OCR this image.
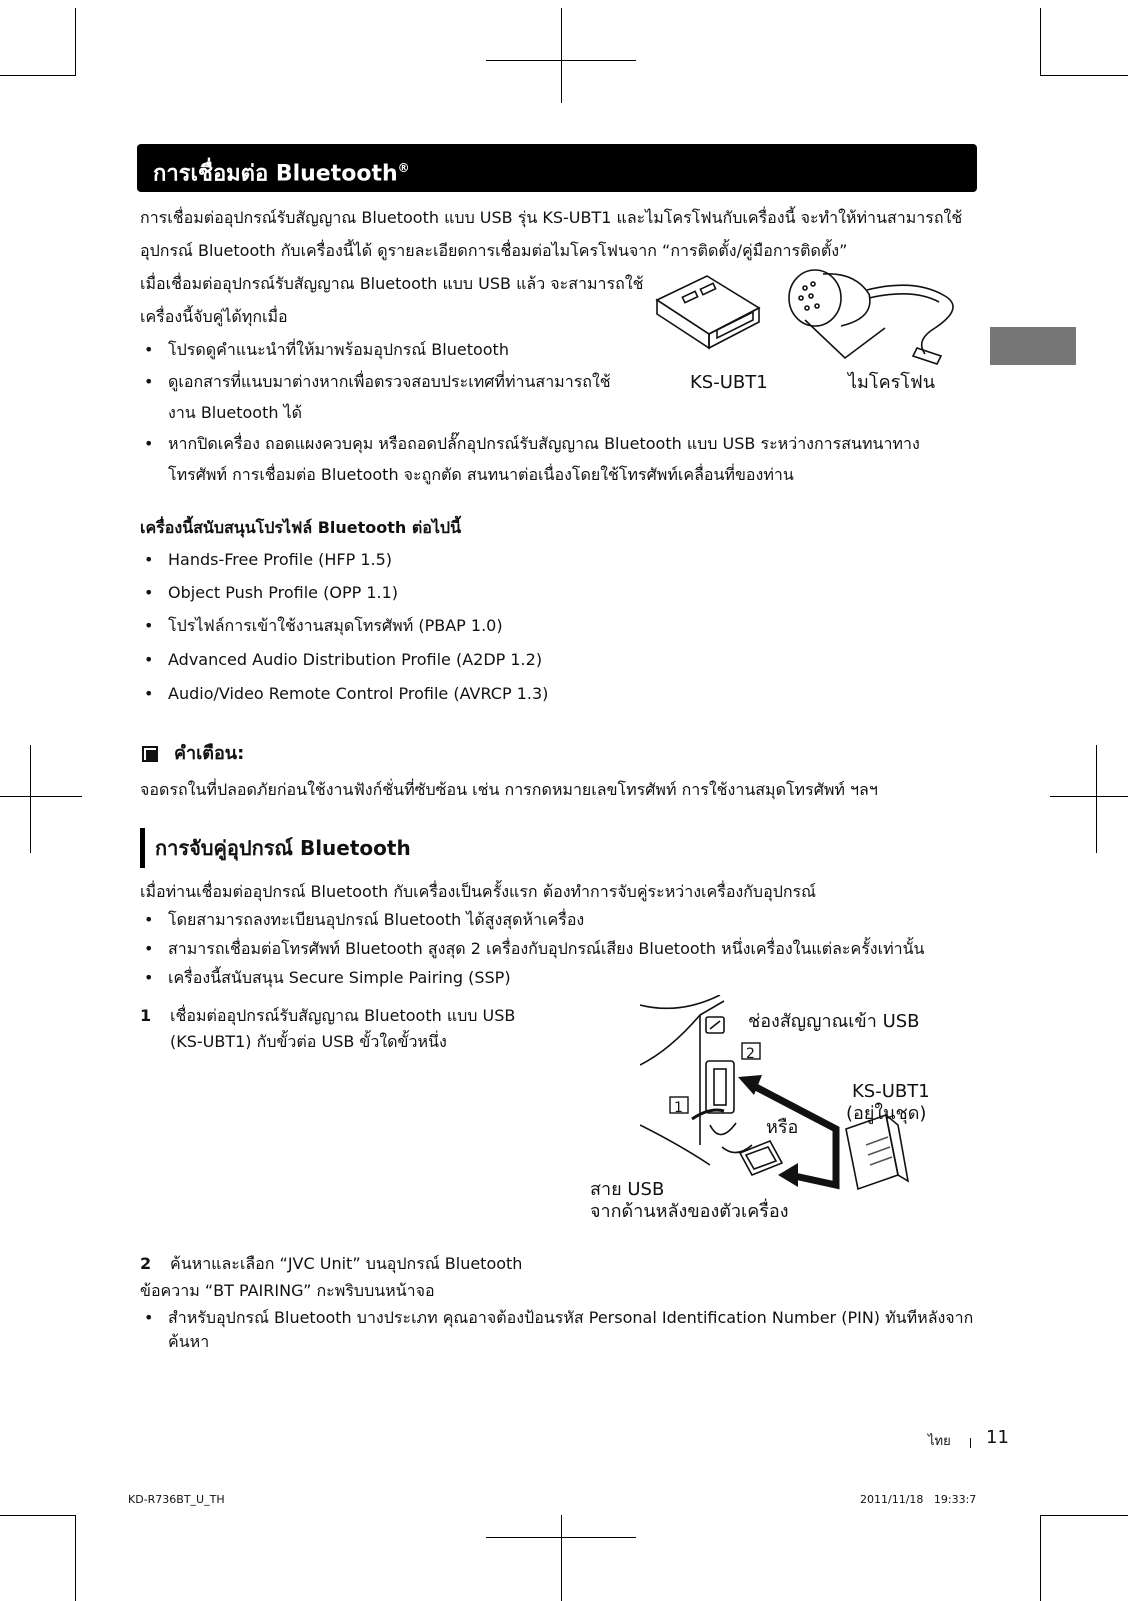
การเชื่อมต่อ Bluetooth®
การเชื่อมต่ออุปกรณ์รับสัญญาณ Bluetooth แบบ USB รุ่น KS-UBT1 และไมโครโฟนกับเครื่องนี้ จะทำให้ท่านสามารถใช้
อุปกรณ์ Bluetooth กับเครื่องนี้ได้ ดูรายละเอียดการเชื่อมต่อไมโครโฟนจาก “การติดตั้ง/คู่มือการติดตั้ง”
เมื่อเชื่อมต่ออุปกรณ์รับสัญญาณ Bluetooth แบบ USB แล้ว จะสามารถใช้
เครื่องนี้จับคู่ได้ทุกเมื่อ
• โปรดดูคำแนะนำที่ให้มาพร้อมอุปกรณ์ Bluetooth
• ดูเอกสารที่แนบมาต่างหากเพื่อตรวจสอบประเทศที่ท่านสามารถใช้
งาน Bluetooth ได้
• หากปิดเครื่อง ถอดแผงควบคุม หรือถอดปลั๊กอุปกรณ์รับสัญญาณ Bluetooth แบบ USB ระหว่างการสนทนาทาง
โทรศัพท์ การเชื่อมต่อ Bluetooth จะถูกตัด สนทนาต่อเนื่องโดยใช้โทรศัพท์เคลื่อนที่ของท่าน
KS-UBT1	ไมโครโฟน
เครื่องนี้สนับสนุนโปรไฟล์ Bluetooth ต่อไปนี้
• Hands-Free Profile (HFP 1.5)
• Object Push Profile (OPP 1.1)
• โปรไฟล์การเข้าใช้งานสมุดโทรศัพท์ (PBAP 1.0)
• Advanced Audio Distribution Profile (A2DP 1.2)
• Audio/Video Remote Control Profile (AVRCP 1.3)
คำเตือน:
จอดรถในที่ปลอดภัยก่อนใช้งานฟังก์ชั่นที่ซับซ้อน เช่น การกดหมายเลขโทรศัพท์ การใช้งานสมุดโทรศัพท์ ฯลฯ
การจับคู่อุปกรณ์ Bluetooth
เมื่อท่านเชื่อมต่ออุปกรณ์ Bluetooth กับเครื่องเป็นครั้งแรก ต้องทำการจับคู่ระหว่างเครื่องกับอุปกรณ์
• โดยสามารถลงทะเบียนอุปกรณ์ Bluetooth ได้สูงสุดห้าเครื่อง
• สามารถเชื่อมต่อโทรศัพท์ Bluetooth สูงสุด 2 เครื่องกับอุปกรณ์เสียง Bluetooth หนึ่งเครื่องในแต่ละครั้งเท่านั้น
• เครื่องนี้สนับสนุน Secure Simple Pairing (SSP)
1 เชื่อมต่ออุปกรณ์รับสัญญาณ Bluetooth แบบ USB
(KS-UBT1) กับขั้วต่อ USB ขั้วใดขั้วหนึ่ง
ช่องสัญญาณเข้า USB
2
1
KS-UBT1
(อยู่ในชุด)
หรือ
สาย USB
จากด้านหลังของตัวเครื่อง
2 ค้นหาและเลือก “JVC Unit” บนอุปกรณ์ Bluetooth
ข้อความ “BT PAIRING” กะพริบบนหน้าจอ
• สำหรับอุปกรณ์ Bluetooth บางประเภท คุณอาจต้องป้อนรหัส Personal Identification Number (PIN) ทันทีหลังจาก
ค้นหา
ไทย 11
KD-R736BT_U_TH	2011/11/18   19:33:7
